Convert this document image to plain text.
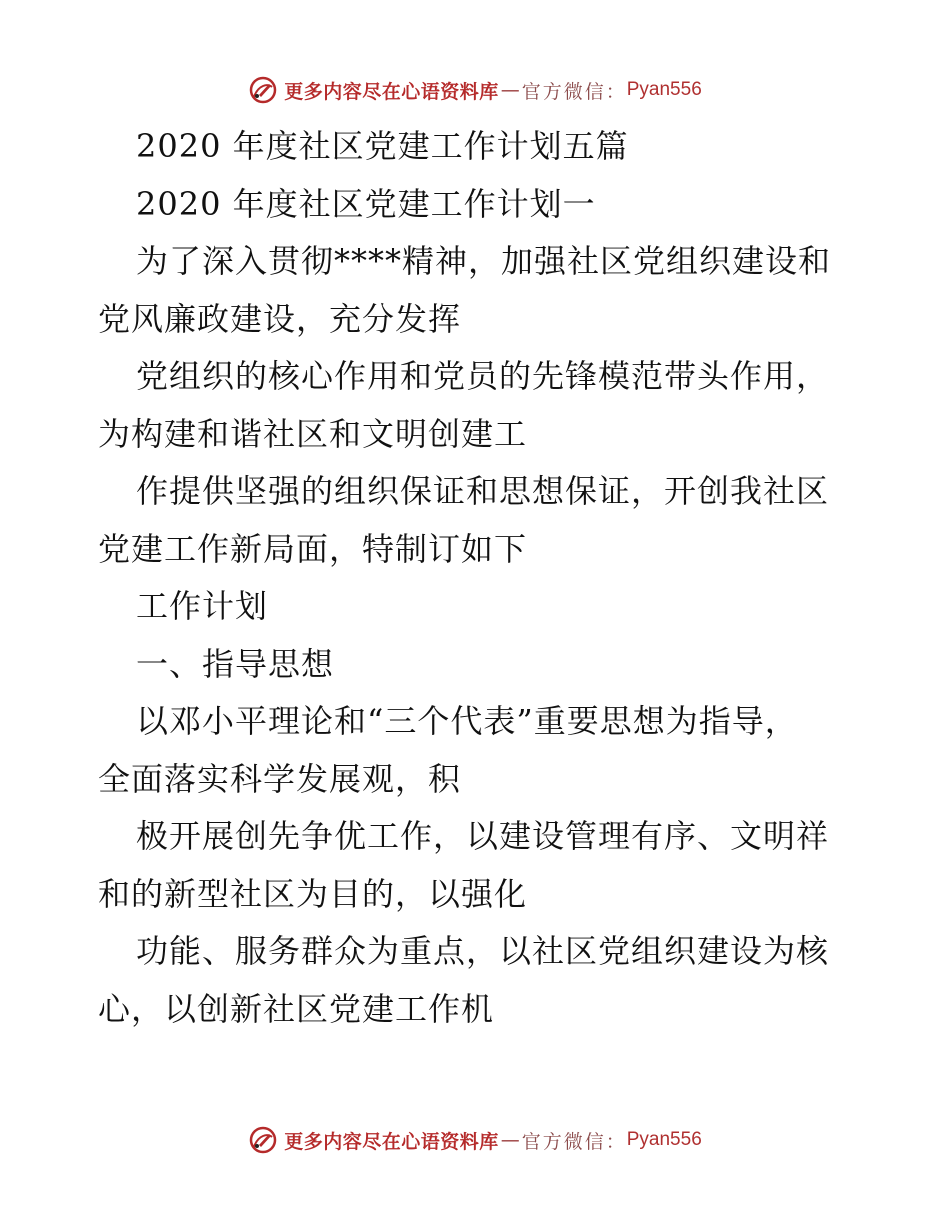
更多内容尽在心语资料库 — 官方微信： Pyan556
2020 年度社区党建工作计划五篇
2020 年度社区党建工作计划一
为了深入贯彻****精神，加强社区党组织建设和
党风廉政建设，充分发挥
党组织的核心作用和党员的先锋模范带头作用，
为构建和谐社区和文明创建工
作提供坚强的组织保证和思想保证，开创我社区
党建工作新局面，特制订如下
工作计划
一、指导思想
以邓小平理论和“三个代表”重要思想为指导，
全面落实科学发展观，积
极开展创先争优工作，以建设管理有序、文明祥
和的新型社区为目的，以强化
功能、服务群众为重点，以社区党组织建设为核
心，以创新社区党建工作机
更多内容尽在心语资料库 — 官方微信： Pyan556
